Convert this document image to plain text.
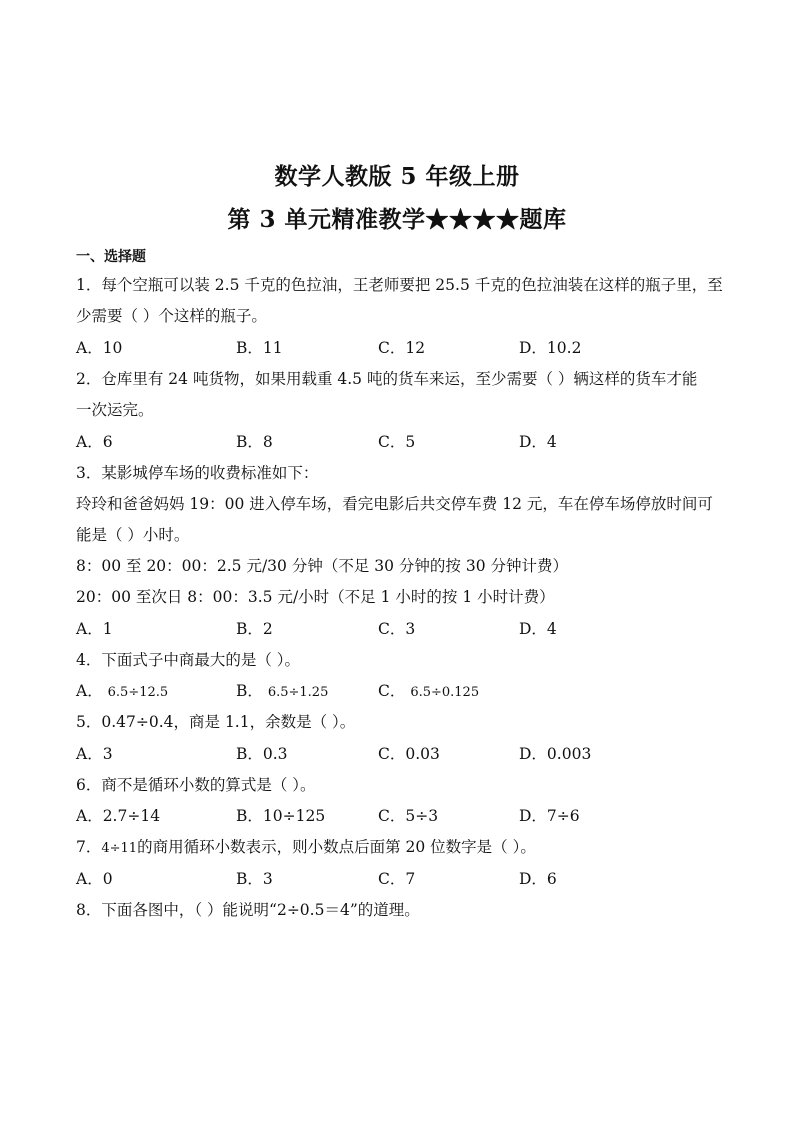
数学人教版 5 年级上册
第 3 单元精准教学★★★★题库
一、选择题
1．每个空瓶可以装 2.5 千克的色拉油，王老师要把 25.5 千克的色拉油装在这样的瓶子里，至
少需要（ ）个这样的瓶子。
A．10	B．11	C．12	D．10.2
2．仓库里有 24 吨货物，如果用载重 4.5 吨的货车来运，至少需要（ ）辆这样的货车才能
一次运完。
A．6	B．8	C．5	D．4
3．某影城停车场的收费标准如下：
玲玲和爸爸妈妈 19：00 进入停车场，看完电影后共交停车费 12 元，车在停车场停放时间可
能是（ ）小时。
8：00 至 20：00：2.5 元/30 分钟（不足 30 分钟的按 30 分钟计费）
20：00 至次日 8：00：3.5 元/小时（不足 1 小时的按 1 小时计费）
A．1	B．2	C．3	D．4
4．下面式子中商最大的是（ ）。
A． 6.5÷12.5	B． 6.5÷1.25	C． 6.5÷0.125
5．0.47÷0.4，商是 1.1，余数是（ ）。
A．3	B．0.3	C．0.03	D．0.003
6．商不是循环小数的算式是（ ）。
A．2.7÷14	B．10÷125	C．5÷3	D．7÷6
7．4÷11的商用循环小数表示，则小数点后面第 20 位数字是（ ）。
A．0	B．3	C．7	D．6
8．下面各图中，（ ）能说明“2÷0.5＝4”的道理。
